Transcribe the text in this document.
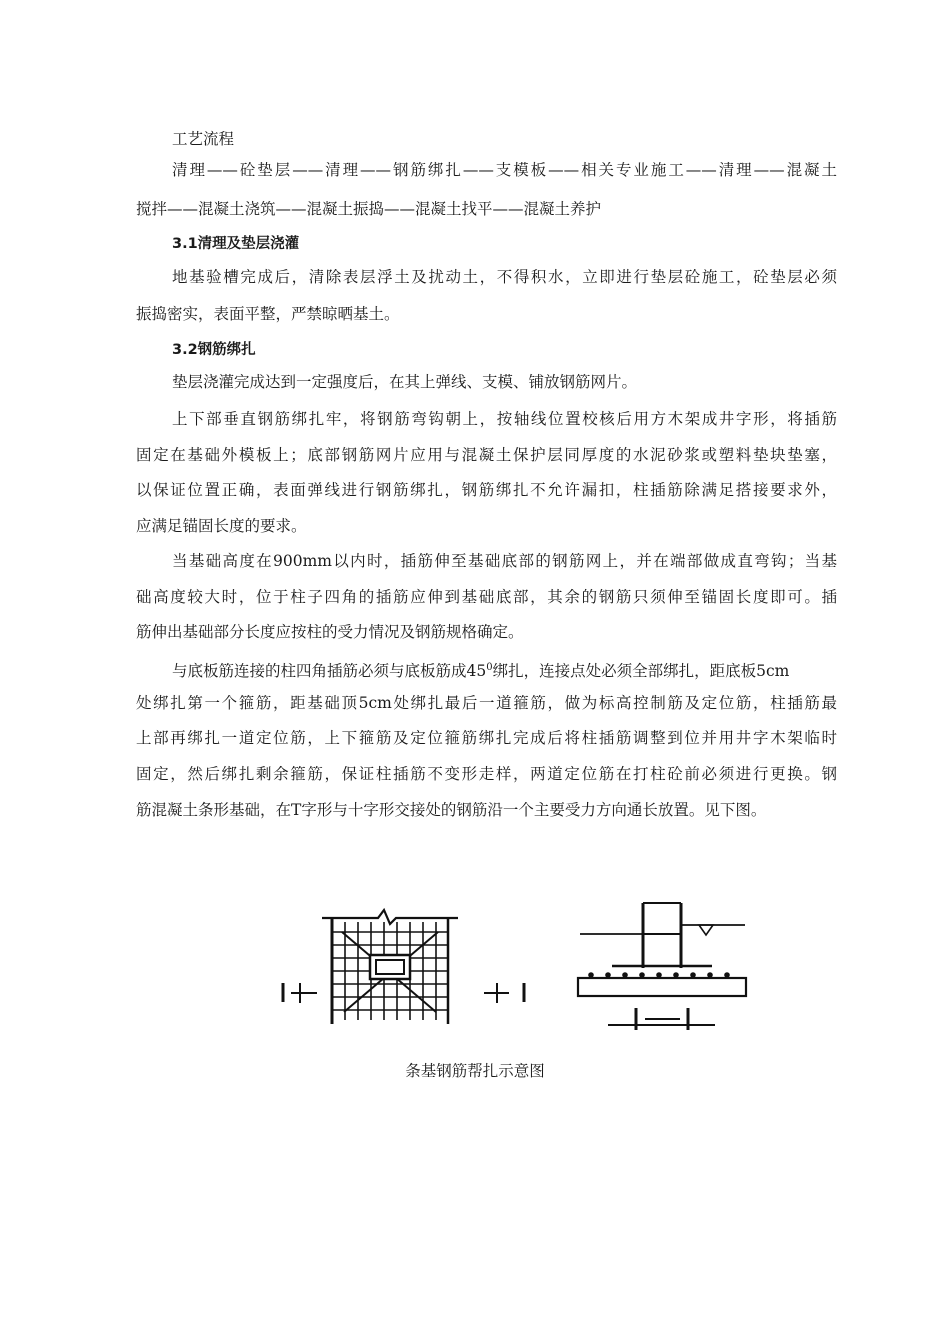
工艺流程
清理——砼垫层——清理——钢筋绑扎——支模板——相关专业施工——清理——混凝土
搅拌——混凝土浇筑——混凝土振捣——混凝土找平——混凝土养护
3.1清理及垫层浇灌
地基验槽完成后，清除表层浮土及扰动土，不得积水，立即进行垫层砼施工，砼垫层必须
振捣密实，表面平整，严禁晾晒基土。
3.2钢筋绑扎
垫层浇灌完成达到一定强度后，在其上弹线、支模、铺放钢筋网片。
上下部垂直钢筋绑扎牢，将钢筋弯钩朝上，按轴线位置校核后用方木架成井字形，将插筋
固定在基础外模板上；底部钢筋网片应用与混凝土保护层同厚度的水泥砂浆或塑料垫块垫塞，
以保证位置正确，表面弹线进行钢筋绑扎，钢筋绑扎不允许漏扣，柱插筋除满足搭接要求外，
应满足锚固长度的要求。
当基础高度在900mm以内时，插筋伸至基础底部的钢筋网上，并在端部做成直弯钩；当基
础高度较大时，位于柱子四角的插筋应伸到基础底部，其余的钢筋只须伸至锚固长度即可。插
筋伸出基础部分长度应按柱的受力情况及钢筋规格确定。
与底板筋连接的柱四角插筋必须与底板筋成$45^0$绑扎，连接点处必须全部绑扎，距底板5cm
处绑扎第一个箍筋，距基础顶5cm处绑扎最后一道箍筋，做为标高控制筋及定位筋，柱插筋最
上部再绑扎一道定位筋，上下箍筋及定位箍筋绑扎完成后将柱插筋调整到位并用井字木架临时
固定，然后绑扎剩余箍筋，保证柱插筋不变形走样，两道定位筋在打柱砼前必须进行更换。钢
筋混凝土条形基础，在T字形与十字形交接处的钢筋沿一个主要受力方向通长放置。见下图。
条基钢筋帮扎示意图
